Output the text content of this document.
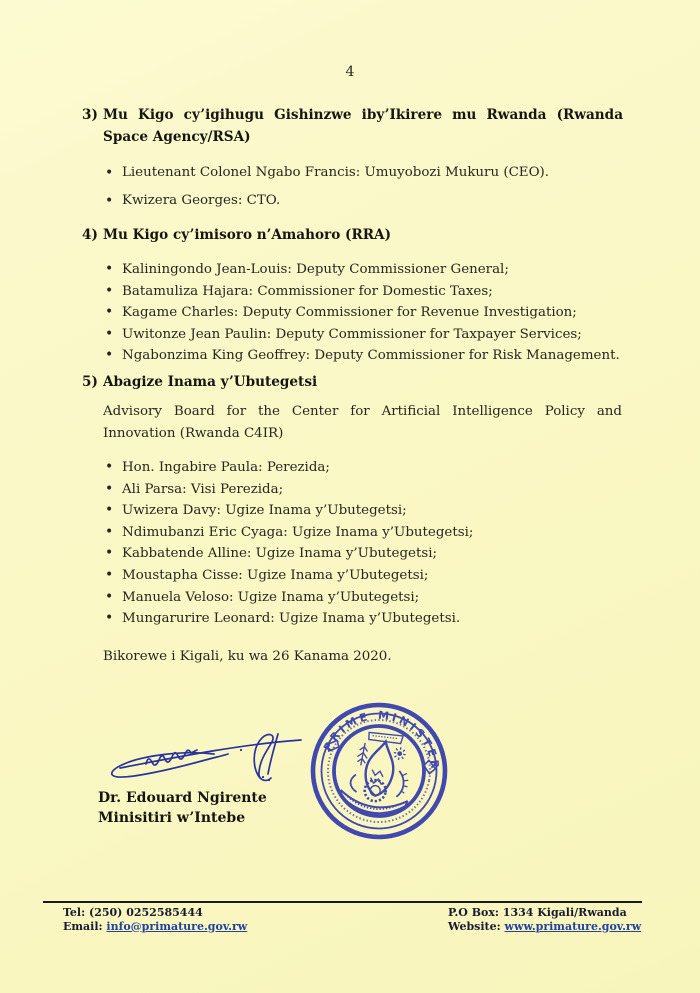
4
3) Mu Kigo cy’igihugu Gishinzwe iby’Ikirere mu Rwanda (Rwanda Space Agency/RSA)
• Lieutenant Colonel Ngabo Francis: Umuyobozi Mukuru (CEO).
• Kwizera Georges: CTO.
4) Mu Kigo cy’imisoro n’Amahoro (RRA)
• Kaliningondo Jean-Louis: Deputy Commissioner General;
• Batamuliza Hajara: Commissioner for Domestic Taxes;
• Kagame Charles: Deputy Commissioner for Revenue Investigation;
• Uwitonze Jean Paulin: Deputy Commissioner for Taxpayer Services;
• Ngabonzima King Geoffrey: Deputy Commissioner for Risk Management.
5) Abagize Inama y’Ubutegetsi
Advisory Board for the Center for Artificial Intelligence Policy and Innovation (Rwanda C4IR)
• Hon. Ingabire Paula: Perezida;
• Ali Parsa: Visi Perezida;
• Uwizera Davy: Ugize Inama y’Ubutegetsi;
• Ndimubanzi Eric Cyaga: Ugize Inama y’Ubutegetsi;
• Kabbatende Alline: Ugize Inama y’Ubutegetsi;
• Moustapha Cisse: Ugize Inama y’Ubutegetsi;
• Manuela Veloso: Ugize Inama y’Ubutegetsi;
• Mungarurire Leonard: Ugize Inama y’Ubutegetsi.
Bikorewe i Kigali, ku wa 26 Kanama 2020.
Dr. Edouard Ngirente
Minisitiri w’Intebe
PRIME MINISTER
Tel: (250) 0252585444
Email: info@primature.gov.rw
P.O Box: 1334 Kigali/Rwanda
Website: www.primature.gov.rw
